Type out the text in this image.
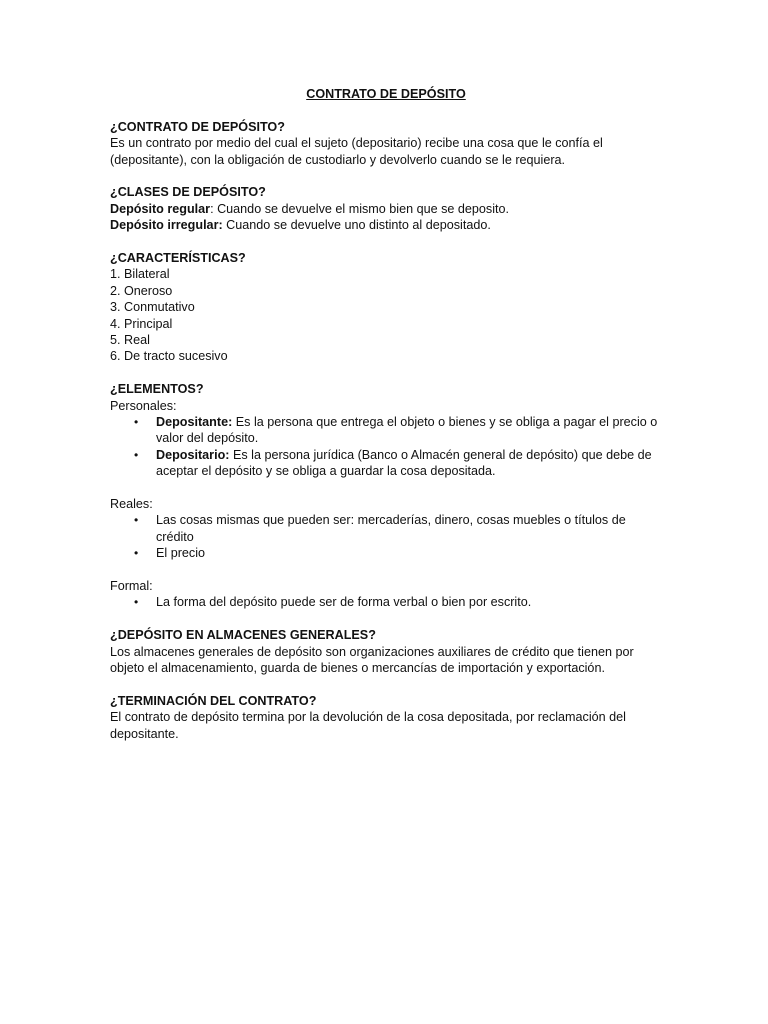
CONTRATO DE DEPÓSITO

¿CONTRATO DE DEPÓSITO?

Es un contrato por medio del cual el sujeto (depositario) recibe una cosa que le confía el (depositante), con la obligación de custodiarlo y devolverlo cuando se le requiera.

¿CLASES DE DEPÓSITO?

Depósito regular: Cuando se devuelve el mismo bien que se deposito.

Depósito irregular: Cuando se devuelve uno distinto al depositado.

¿CARACTERÍSTICAS?

1. Bilateral
2. Oneroso
3. Conmutativo
4. Principal
5. Real
6. De tracto sucesivo

¿ELEMENTOS?

Personales:

• Depositante: Es la persona que entrega el objeto o bienes y se obliga a pagar el precio o valor del depósito.
• Depositario: Es la persona jurídica (Banco o Almacén general de depósito) que debe de aceptar el depósito y se obliga a guardar la cosa depositada.

Reales:

• Las cosas mismas que pueden ser: mercaderías, dinero, cosas muebles o títulos de crédito
• El precio

Formal:

• La forma del depósito puede ser de forma verbal o bien por escrito.

¿DEPÓSITO EN ALMACENES GENERALES?

Los almacenes generales de depósito son organizaciones auxiliares de crédito que tienen por objeto el almacenamiento, guarda de bienes o mercancías de importación y exportación.

¿TERMINACIÓN DEL CONTRATO?

El contrato de depósito termina por la devolución de la cosa depositada, por reclamación del depositante.
